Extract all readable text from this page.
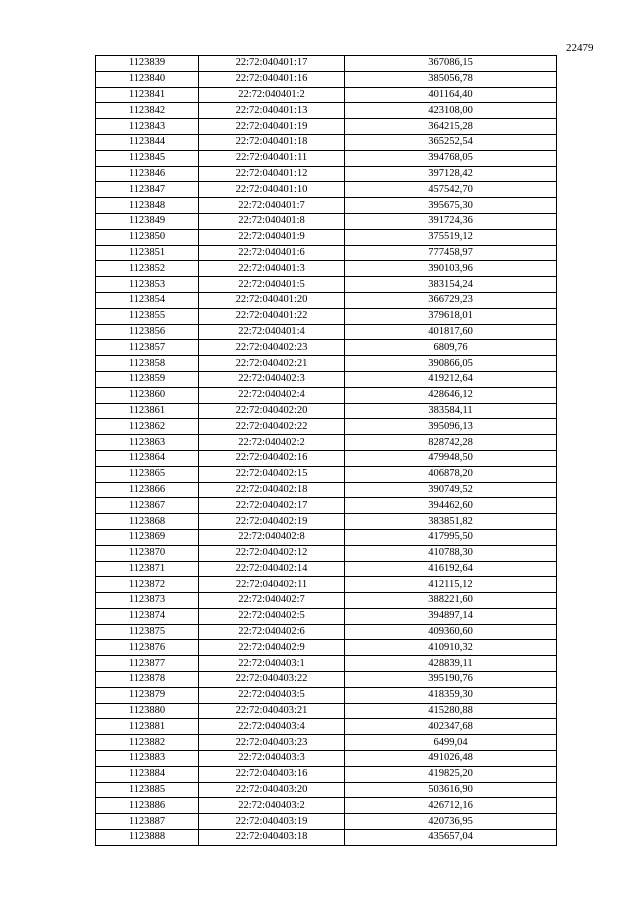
22479
1123839	22:72:040401:17	367086,15
1123840	22:72:040401:16	385056,78
1123841	22:72:040401:2	401164,40
1123842	22:72:040401:13	423108,00
1123843	22:72:040401:19	364215,28
1123844	22:72:040401:18	365252,54
1123845	22:72:040401:11	394768,05
1123846	22:72:040401:12	397128,42
1123847	22:72:040401:10	457542,70
1123848	22:72:040401:7	395675,30
1123849	22:72:040401:8	391724,36
1123850	22:72:040401:9	375519,12
1123851	22:72:040401:6	777458,97
1123852	22:72:040401:3	390103,96
1123853	22:72:040401:5	383154,24
1123854	22:72:040401:20	366729,23
1123855	22:72:040401:22	379618,01
1123856	22:72:040401:4	401817,60
1123857	22:72:040402:23	6809,76
1123858	22:72:040402:21	390866,05
1123859	22:72:040402:3	419212,64
1123860	22:72:040402:4	428646,12
1123861	22:72:040402:20	383584,11
1123862	22:72:040402:22	395096,13
1123863	22:72:040402:2	828742,28
1123864	22:72:040402:16	479948,50
1123865	22:72:040402:15	406878,20
1123866	22:72:040402:18	390749,52
1123867	22:72:040402:17	394462,60
1123868	22:72:040402:19	383851,82
1123869	22:72:040402:8	417995,50
1123870	22:72:040402:12	410788,30
1123871	22:72:040402:14	416192,64
1123872	22:72:040402:11	412115,12
1123873	22:72:040402:7	388221,60
1123874	22:72:040402:5	394897,14
1123875	22:72:040402:6	409360,60
1123876	22:72:040402:9	410910,32
1123877	22:72:040403:1	428839,11
1123878	22:72:040403:22	395190,76
1123879	22:72:040403:5	418359,30
1123880	22:72:040403:21	415280,88
1123881	22:72:040403:4	402347,68
1123882	22:72:040403:23	6499,04
1123883	22:72:040403:3	491026,48
1123884	22:72:040403:16	419825,20
1123885	22:72:040403:20	503616,90
1123886	22:72:040403:2	426712,16
1123887	22:72:040403:19	420736,95
1123888	22:72:040403:18	435657,04
